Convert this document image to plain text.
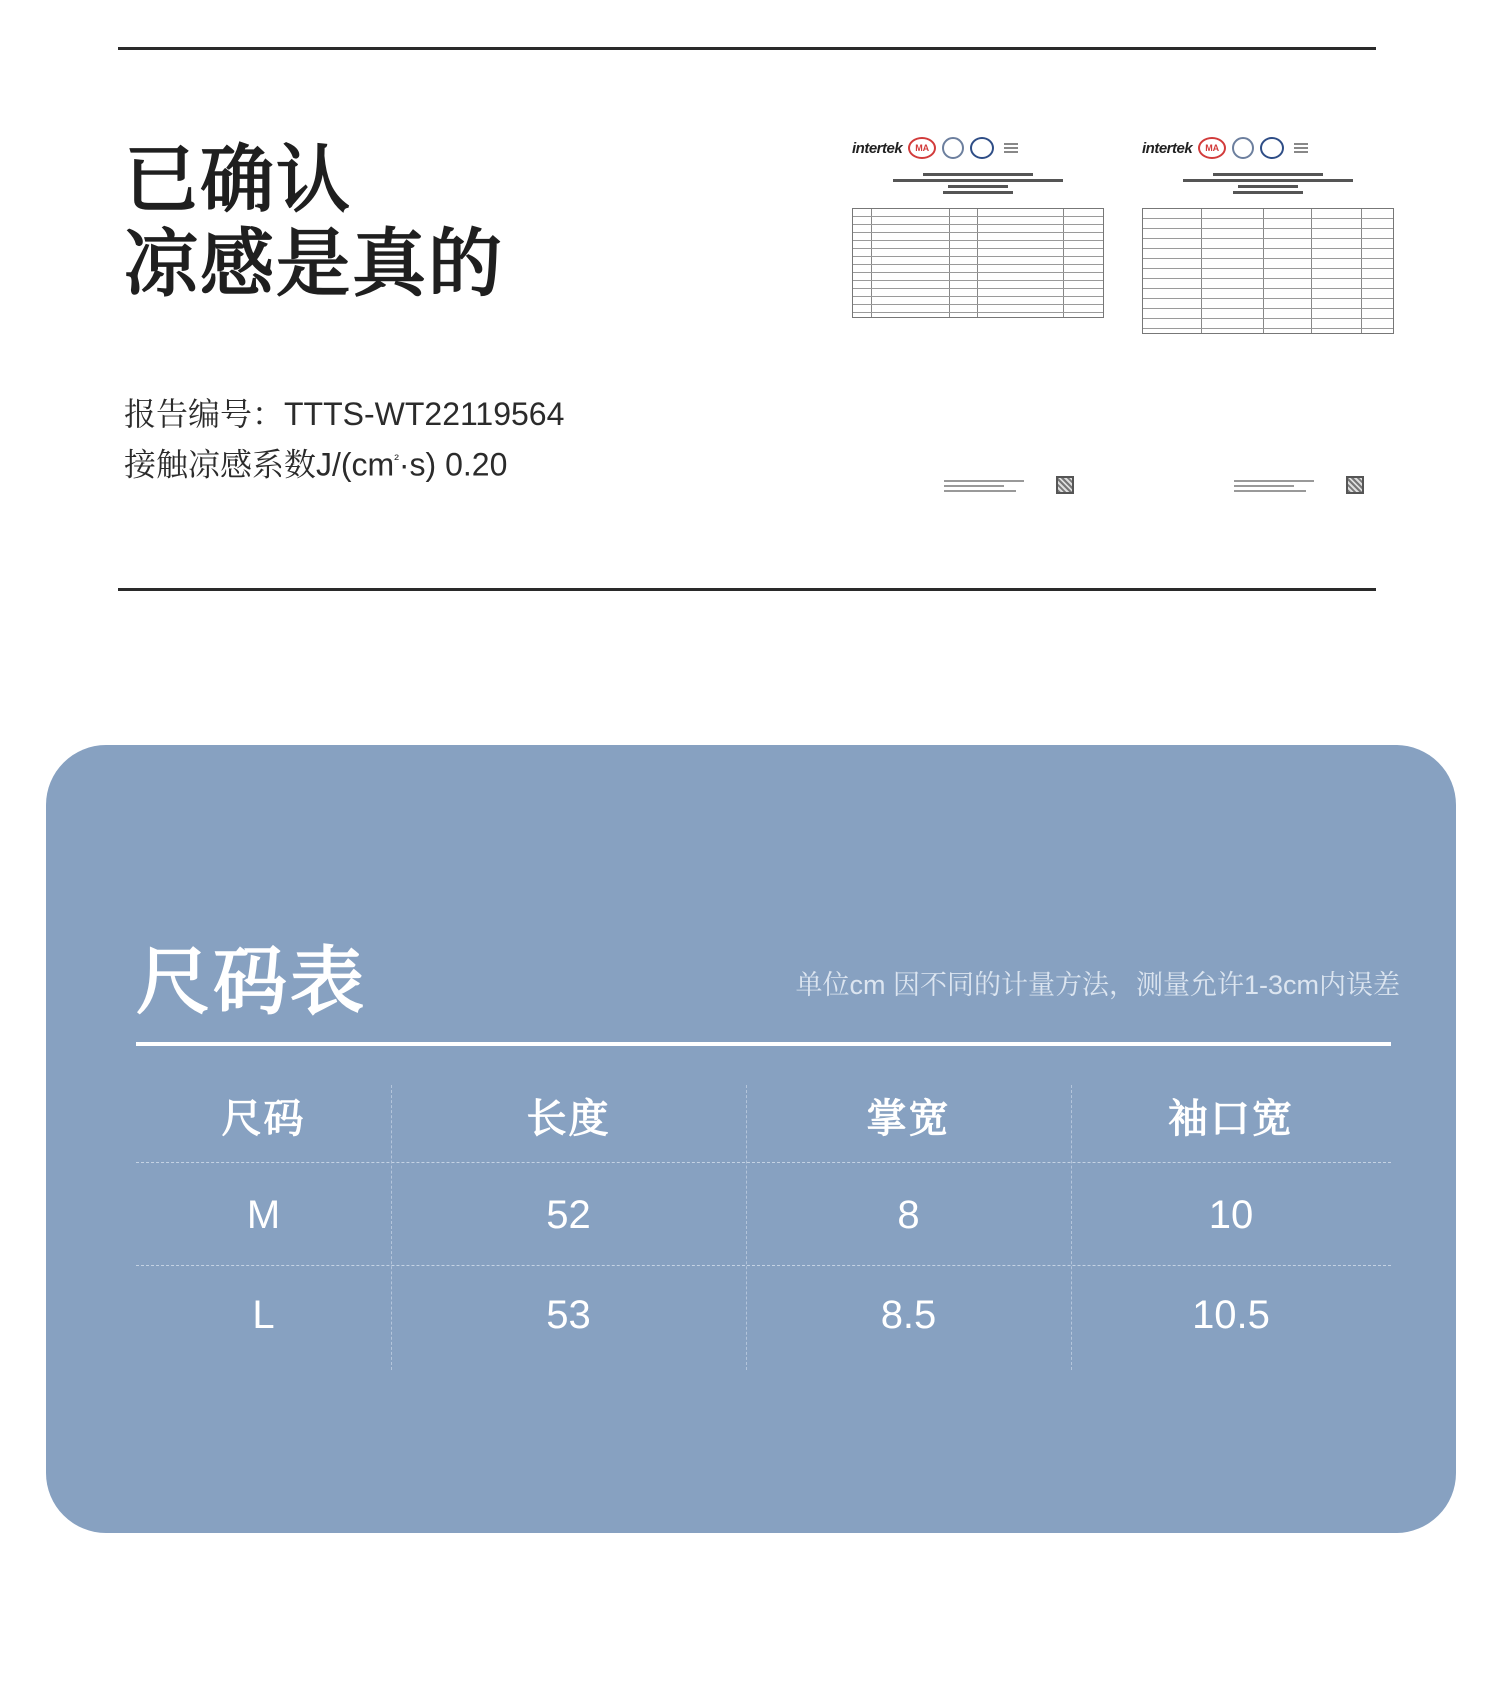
已确认
凉感是真的
报告编号：TTTS-WT22119564
接触凉感系数$J/(cm^{^2}\cdot s)$ 0.20
intertek	MA	intertek	MA
尺码表	单位cm 因不同的计量方法，测量允许1-3cm内误差
尺码	长度	掌宽	袖口宽
M	52	8	10
L	53	8.5	10.5
